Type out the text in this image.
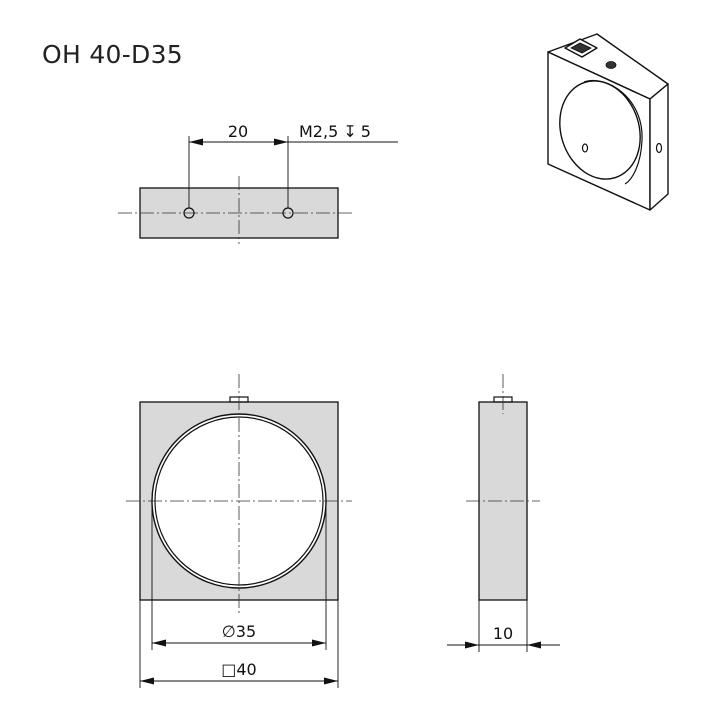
OH 40-D35
20	M2,5 ↧ 5
∅35
□40
10
